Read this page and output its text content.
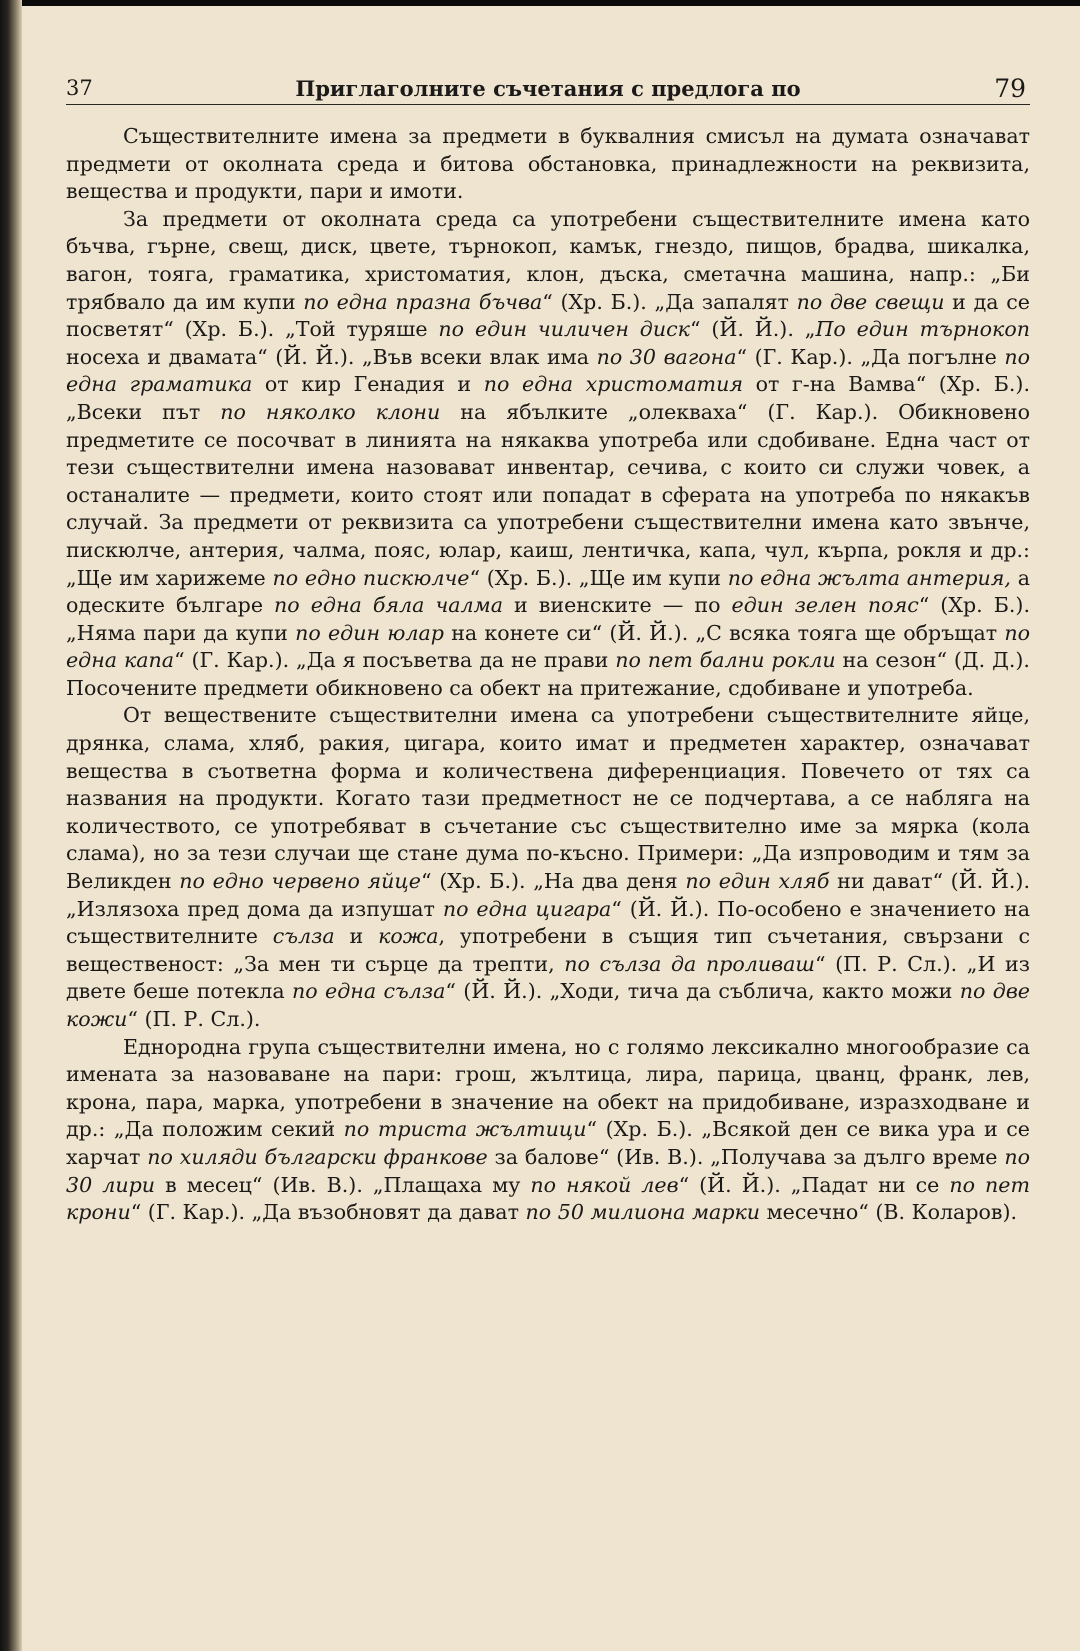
37	Приглаголните съчетания с предлога по	79

Съществителните имена за предмети в буквалния смисъл на думата означават предмети от околната среда и битова обстановка, принадлежности на реквизита, вещества и продукти, пари и имоти.

За предмети от околната среда са употребени съществителните имена като бъчва, гърне, свещ, диск, цвете, търнокоп, камък, гнездо, пищов, брадва, шикалка, вагон, тояга, граматика, христоматия, клон, дъска, сметачна машина, напр.: „Би трябвало да им купи по една празна бъчва“ (Хр. Б.). „Да запалят по две свещи и да се посветят“ (Хр. Б.). „Той туряше по един чиличен диск“ (Й. Й.). „По един търнокоп носеха и двамата“ (Й. Й.). „Във всеки влак има по 30 вагона“ (Г. Кар.). „Да погълне по една граматика от кир Генадия и по една христоматия от г-на Вамва“ (Хр. Б.). „Всеки път по няколко клони на ябълките „олекваха“ (Г. Кар.). Обикновено предметите се посочват в линията на някаква употреба или сдобиване. Една част от тези съществителни имена назовават инвентар, сечива, с които си служи човек, а останалите — предмети, които стоят или попадат в сферата на употреба по някакъв случай. За предмети от реквизита са употребени съществителни имена като звънче, пискюлче, антерия, чалма, пояс, юлар, каиш, лентичка, капа, чул, кърпа, рокля и др.: „Ще им харижеме по едно пискюлче“ (Хр. Б.). „Ще им купи по една жълта антерия, а одеските българе по една бяла чалма и виенските — по един зелен пояс“ (Хр. Б.). „Няма пари да купи по един юлар на конете си“ (Й. Й.). „С всяка тояга ще обръщат по една капа“ (Г. Кар.). „Да я посъветва да не прави по пет бални рокли на сезон“ (Д. Д.). Посочените предмети обикновено са обект на притежание, сдобиване и употреба.

От веществените съществителни имена са употребени съществителните яйце, дрянка, слама, хляб, ракия, цигара, които имат и предметен характер, означават вещества в съответна форма и количествена диференциация. Повечето от тях са названия на продукти. Когато тази предметност не се подчертава, а се набляга на количеството, се употребяват в съчетание със съществително име за мярка (кола слама), но за тези случаи ще стане дума по-късно. Примери: „Да изпроводим и тям за Великден по едно червено яйце“ (Хр. Б.). „На два деня по един хляб ни дават“ (Й. Й.). „Излязоха пред дома да изпушат по една цигара“ (Й. Й.). По-особено е значението на съществителните сълза и кожа, употребени в същия тип съчетания, свързани с вещественост: „За мен ти сърце да трепти, по сълза да проливаш“ (П. Р. Сл.). „И из двете беше потекла по една сълза“ (Й. Й.). „Ходи, тича да съблича, както можи по две кожи“ (П. Р. Сл.).

Еднородна група съществителни имена, но с голямо лексикално многообразие са имената за назоваване на пари: грош, жълтица, лира, парица, цванц, франк, лев, крона, пара, марка, употребени в значение на обект на придобиване, изразходване и др.: „Да положим секий по триста жълтици“ (Хр. Б.). „Всякой ден се вика ура и се харчат по хиляди български франкове за балове“ (Ив. В.). „Получава за дълго време по 30 лири в месец“ (Ив. В.). „Плащаха му по някой лев“ (Й. Й.). „Падат ни се по пет крони“ (Г. Кар.). „Да възобновят да дават по 50 милиона марки месечно“ (В. Коларов).
